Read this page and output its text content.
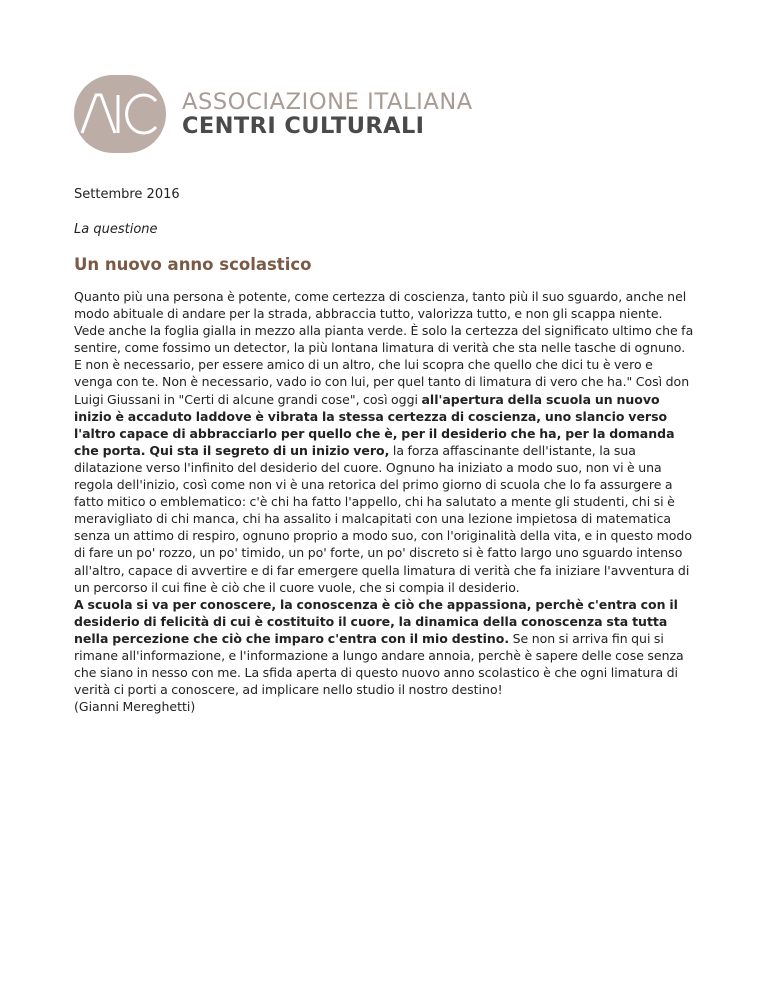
ASSOCIAZIONE ITALIANA
CENTRI CULTURALI

Settembre 2016

La questione

Un nuovo anno scolastico
Quanto più una persona è potente, come certezza di coscienza, tanto più il suo sguardo, anche nel modo abituale di andare per la strada, abbraccia tutto, valorizza tutto, e non gli scappa niente. Vede anche la foglia gialla in mezzo alla pianta verde. È solo la certezza del significato ultimo che fa sentire, come fossimo un detector, la più lontana limatura di verità che sta nelle tasche di ognuno. E non è necessario, per essere amico di un altro, che lui scopra che quello che dici tu è vero e venga con te. Non è necessario, vado io con lui, per quel tanto di limatura di vero che ha." Così don Luigi Giussani in "Certi di alcune grandi cose", così oggi all'apertura della scuola un nuovo inizio è accaduto laddove è vibrata la stessa certezza di coscienza, uno slancio verso l'altro capace di abbracciarlo per quello che è, per il desiderio che ha, per la domanda che porta. Qui sta il segreto di un inizio vero, la forza affascinante dell'istante, la sua dilatazione verso l'infinito del desiderio del cuore. Ognuno ha iniziato a modo suo, non vi è una regola dell'inizio, così come non vi è una retorica del primo giorno di scuola che lo fa assurgere a fatto mitico o emblematico: c'è chi ha fatto l'appello, chi ha salutato a mente gli studenti, chi si è meravigliato di chi manca, chi ha assalito i malcapitati con una lezione impietosa di matematica senza un attimo di respiro, ognuno proprio a modo suo, con l'originalità della vita, e in questo modo di fare un po' rozzo, un po' timido, un po' forte, un po' discreto si è fatto largo uno sguardo intenso all'altro, capace di avvertire e di far emergere quella limatura di verità che fa iniziare l'avventura di un percorso il cui fine è ciò che il cuore vuole, che si compia il desiderio.
A scuola si va per conoscere, la conoscenza è ciò che appassiona, perchè c'entra con il desiderio di felicità di cui è costituito il cuore, la dinamica della conoscenza sta tutta nella percezione che ciò che imparo c'entra con il mio destino. Se non si arriva fin qui si rimane all'informazione, e l'informazione a lungo andare annoia, perchè è sapere delle cose senza che siano in nesso con me. La sfida aperta di questo nuovo anno scolastico è che ogni limatura di verità ci porti a conoscere, ad implicare nello studio il nostro destino!
(Gianni Mereghetti)
